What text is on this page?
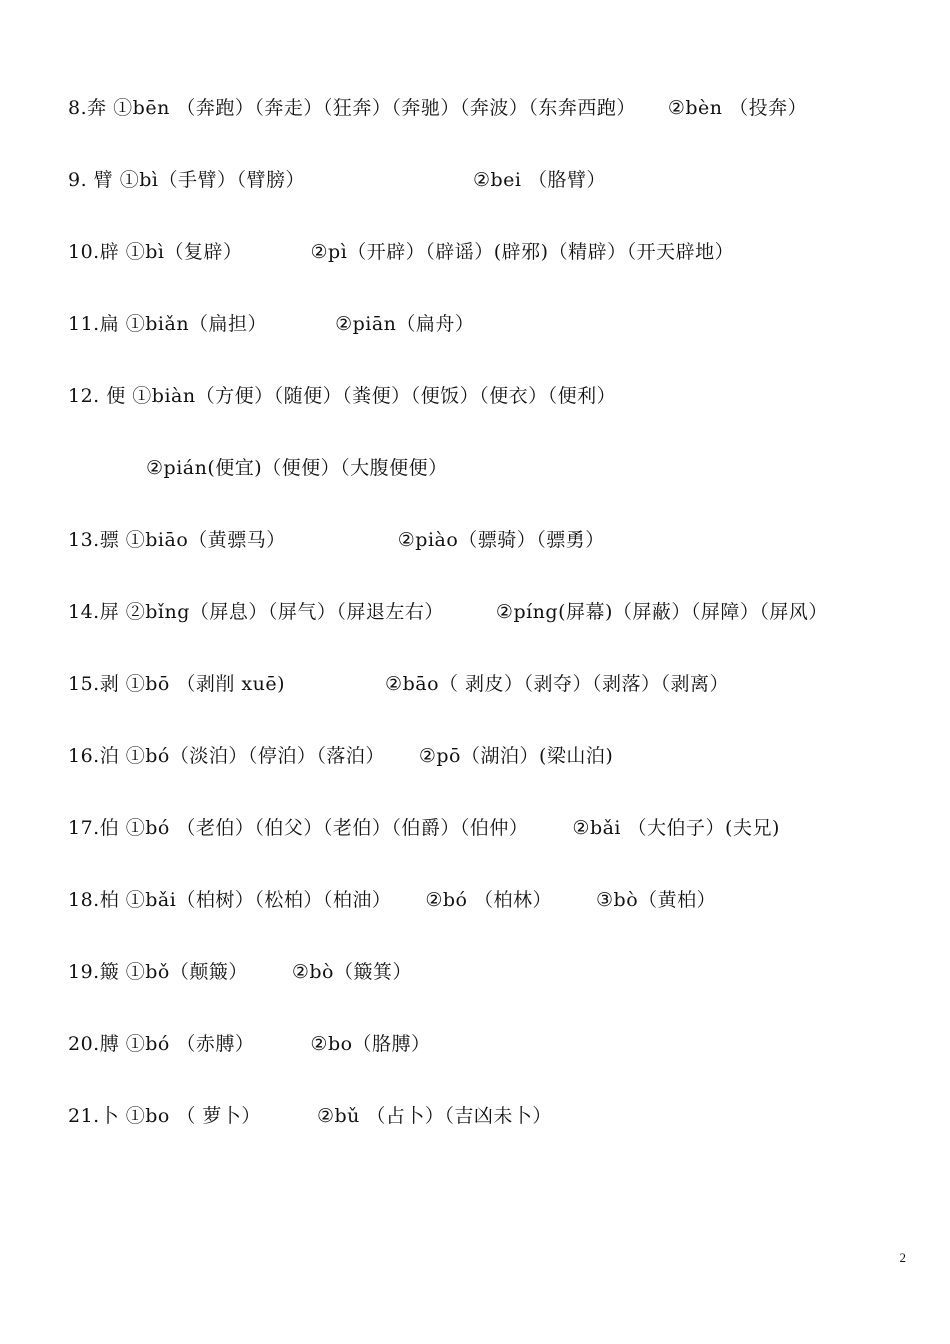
8.奔 ①bēn （奔跑）（奔走）（狂奔）（奔驰）（奔波）（东奔西跑） ②bèn （投奔）
9. 臂 ①bì（手臂）（臂膀）	②bei （胳臂）
10.辟 ①bì（复辟）	②pì（开辟）（辟谣）(辟邪)（精辟）（开天辟地）
11.扁 ①biǎn（扁担）	②piān（扁舟）
12. 便 ①biàn（方便）（随便）（粪便）（便饭）（便衣）（便利）
②pián(便宜)（便便）（大腹便便）
13.骠 ①biāo（黄骠马）	②piào（骠骑）（骠勇）
14.屏 ②bǐng（屏息）（屏气）（屏退左右）	②píng(屏幕)（屏蔽）（屏障）（屏风）
15.剥 ①bō （剥削 xuē)	②bāo（ 剥皮）（剥夺）（剥落）（剥离）
16.泊 ①bó（淡泊）（停泊）（落泊） ②pō（湖泊）(梁山泊)
17.伯 ①bó （老伯）（伯父）（老伯）（伯爵）（伯仲） ②bǎi （大伯子）(夫兄)
18.柏 ①bǎi（柏树）（松柏）（柏油） ②bó （柏林） ③bò（黄柏）
19.簸 ①bǒ（颠簸） ②bò（簸箕）
20.膊 ①bó （赤膊）	②bo（胳膊）
21.卜 ①bo （ 萝卜）	②bǔ （占卜）（吉凶未卜）
2
